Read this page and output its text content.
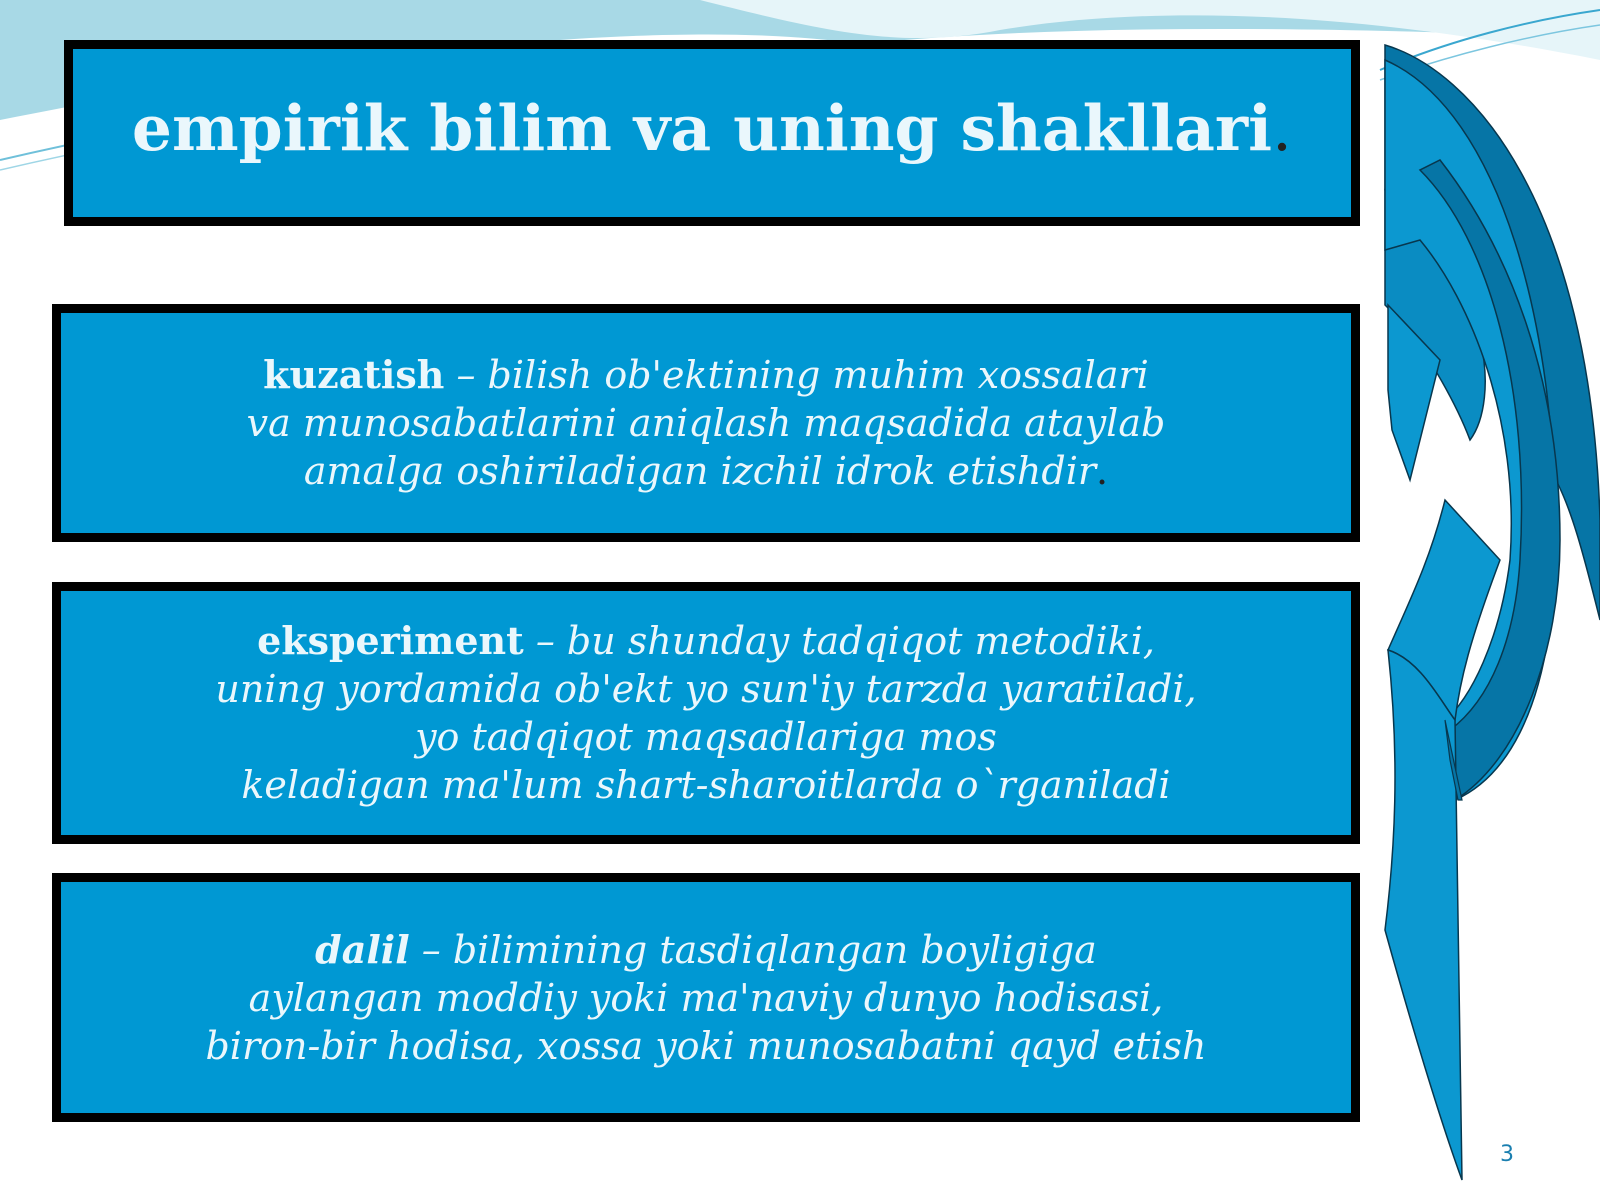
empirik bilim va uning shakllari.
kuzatish – bilish ob'ektining muhim xossalari
va munosabatlarini aniqlash maqsadida ataylab
amalga oshiriladigan izchil idrok etishdir.
eksperiment – bu shunday tadqiqot metodiki,
uning yordamida ob'ekt yo sun'iy tarzda yaratiladi,
yo tadqiqot maqsadlariga mos
keladigan ma'lum shart-sharoitlarda o`rganiladi
dalil – bilimining tasdiqlangan boyligiga
aylangan moddiy yoki ma'naviy dunyo hodisasi,
biron-bir hodisa, xossa yoki munosabatni qayd etish
3
